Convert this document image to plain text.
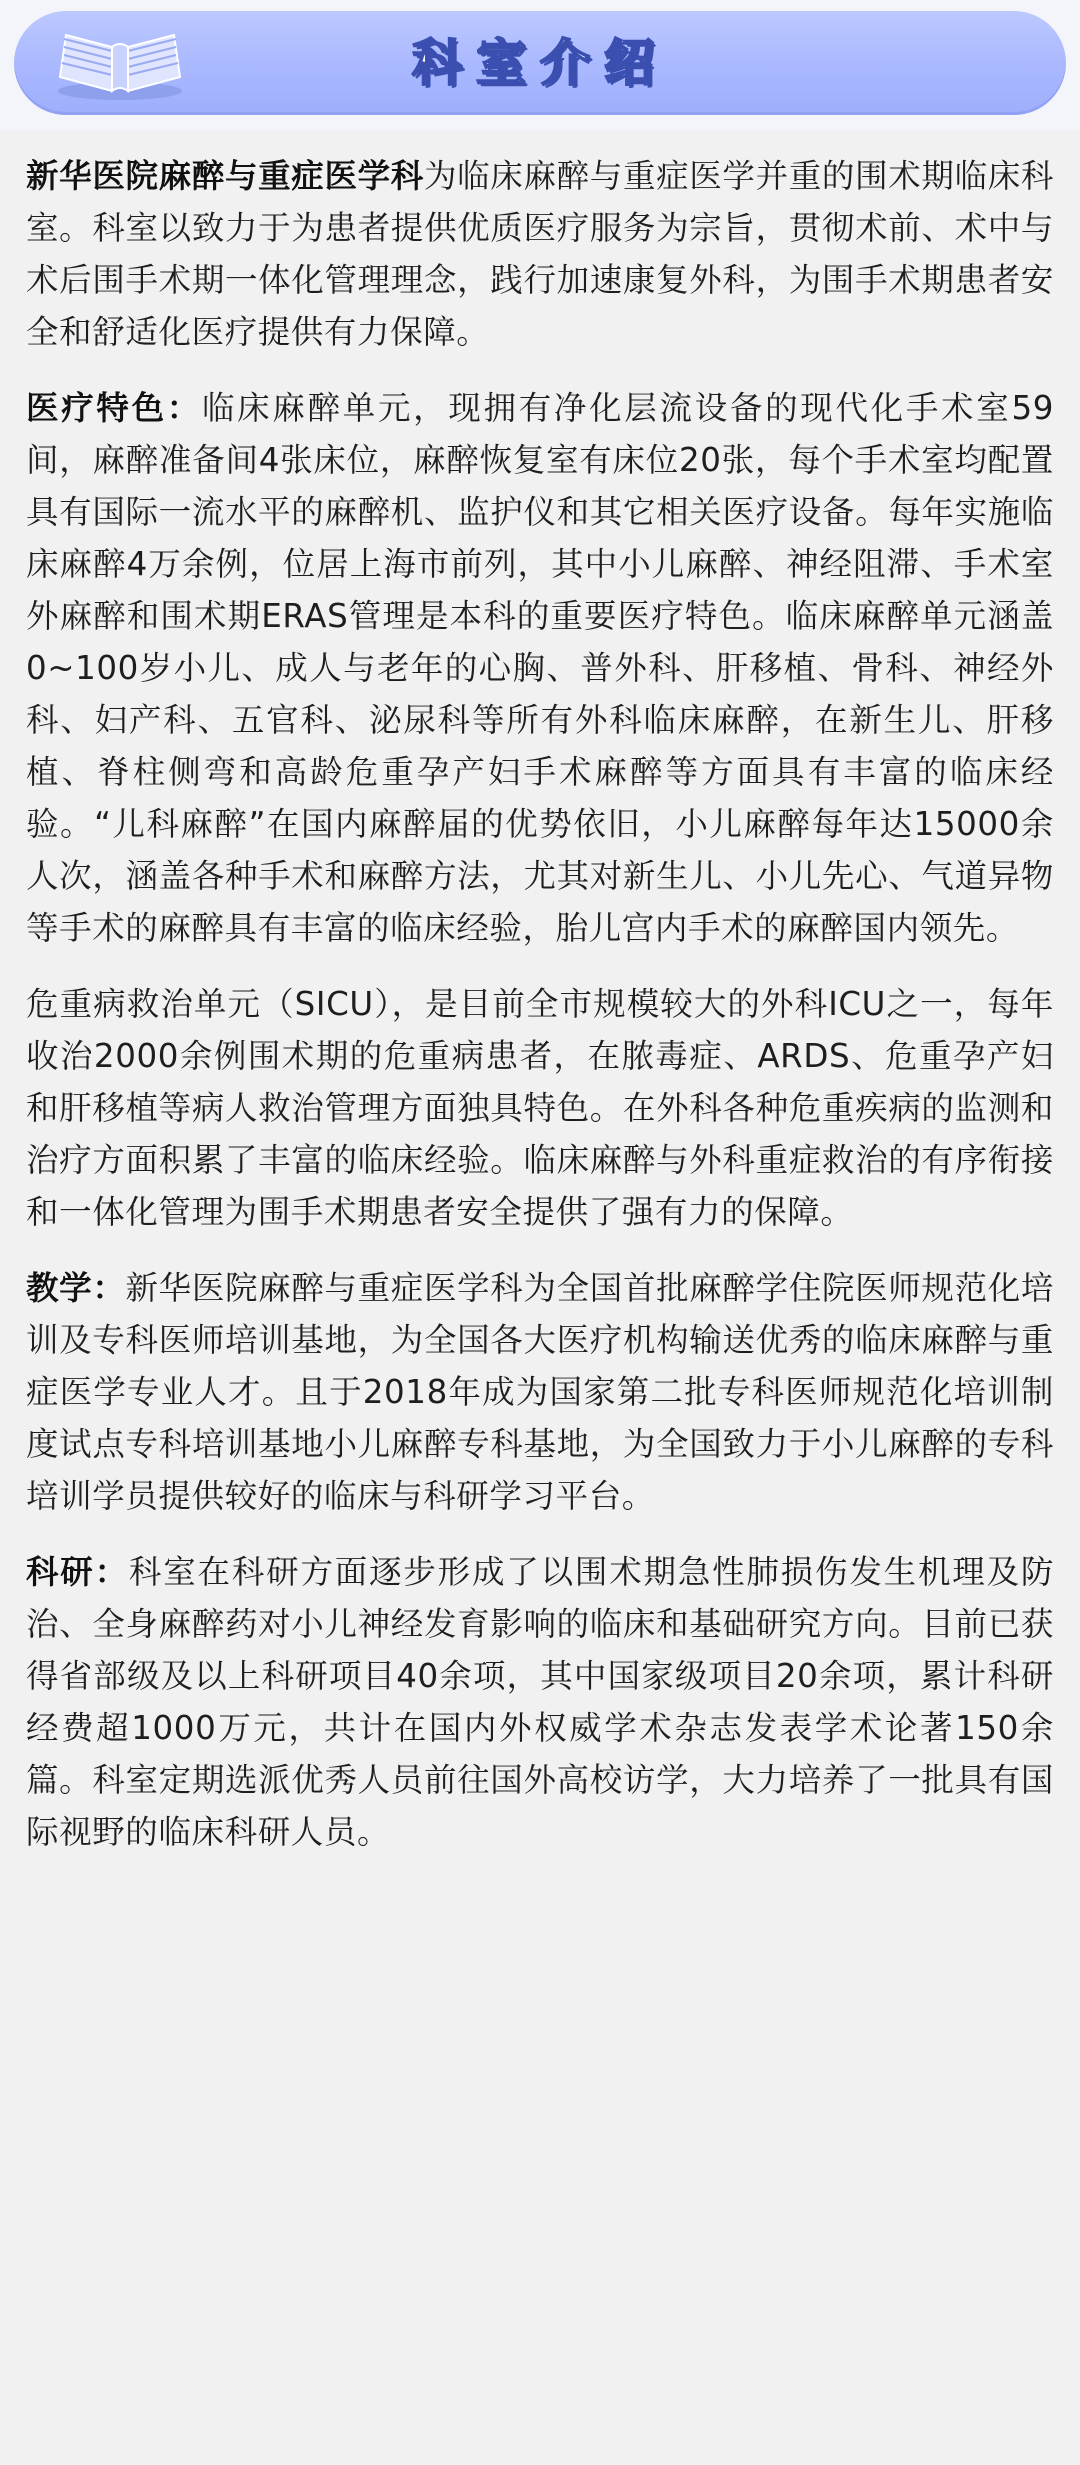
科室介绍

新华医院麻醉与重症医学科为临床麻醉与重症医学并重的围术期临床科室。科室以致力于为患者提供优质医疗服务为宗旨，贯彻术前、术中与术后围手术期一体化管理理念，践行加速康复外科，为围手术期患者安全和舒适化医疗提供有力保障。

医疗特色：临床麻醉单元，现拥有净化层流设备的现代化手术室59间，麻醉准备间4张床位，麻醉恢复室有床位20张，每个手术室均配置具有国际一流水平的麻醉机、监护仪和其它相关医疗设备。每年实施临床麻醉4万余例，位居上海市前列，其中小儿麻醉、神经阻滞、手术室外麻醉和围术期ERAS管理是本科的重要医疗特色。临床麻醉单元涵盖0~100岁小儿、成人与老年的心胸、普外科、肝移植、骨科、神经外科、妇产科、五官科、泌尿科等所有外科临床麻醉，在新生儿、肝移植、脊柱侧弯和高龄危重孕产妇手术麻醉等方面具有丰富的临床经验。“儿科麻醉”在国内麻醉届的优势依旧，小儿麻醉每年达15000余人次，涵盖各种手术和麻醉方法，尤其对新生儿、小儿先心、气道异物等手术的麻醉具有丰富的临床经验，胎儿宫内手术的麻醉国内领先。

危重病救治单元（SICU），是目前全市规模较大的外科ICU之一，每年收治2000余例围术期的危重病患者，在脓毒症、ARDS、危重孕产妇和肝移植等病人救治管理方面独具特色。在外科各种危重疾病的监测和治疗方面积累了丰富的临床经验。临床麻醉与外科重症救治的有序衔接和一体化管理为围手术期患者安全提供了强有力的保障。

教学：新华医院麻醉与重症医学科为全国首批麻醉学住院医师规范化培训及专科医师培训基地，为全国各大医疗机构输送优秀的临床麻醉与重症医学专业人才。且于2018年成为国家第二批专科医师规范化培训制度试点专科培训基地小儿麻醉专科基地，为全国致力于小儿麻醉的专科培训学员提供较好的临床与科研学习平台。

科研：科室在科研方面逐步形成了以围术期急性肺损伤发生机理及防治、全身麻醉药对小儿神经发育影响的临床和基础研究方向。目前已获得省部级及以上科研项目40余项，其中国家级项目20余项，累计科研经费超1000万元，共计在国内外权威学术杂志发表学术论著150余篇。科室定期选派优秀人员前往国外高校访学，大力培养了一批具有国际视野的临床科研人员。
